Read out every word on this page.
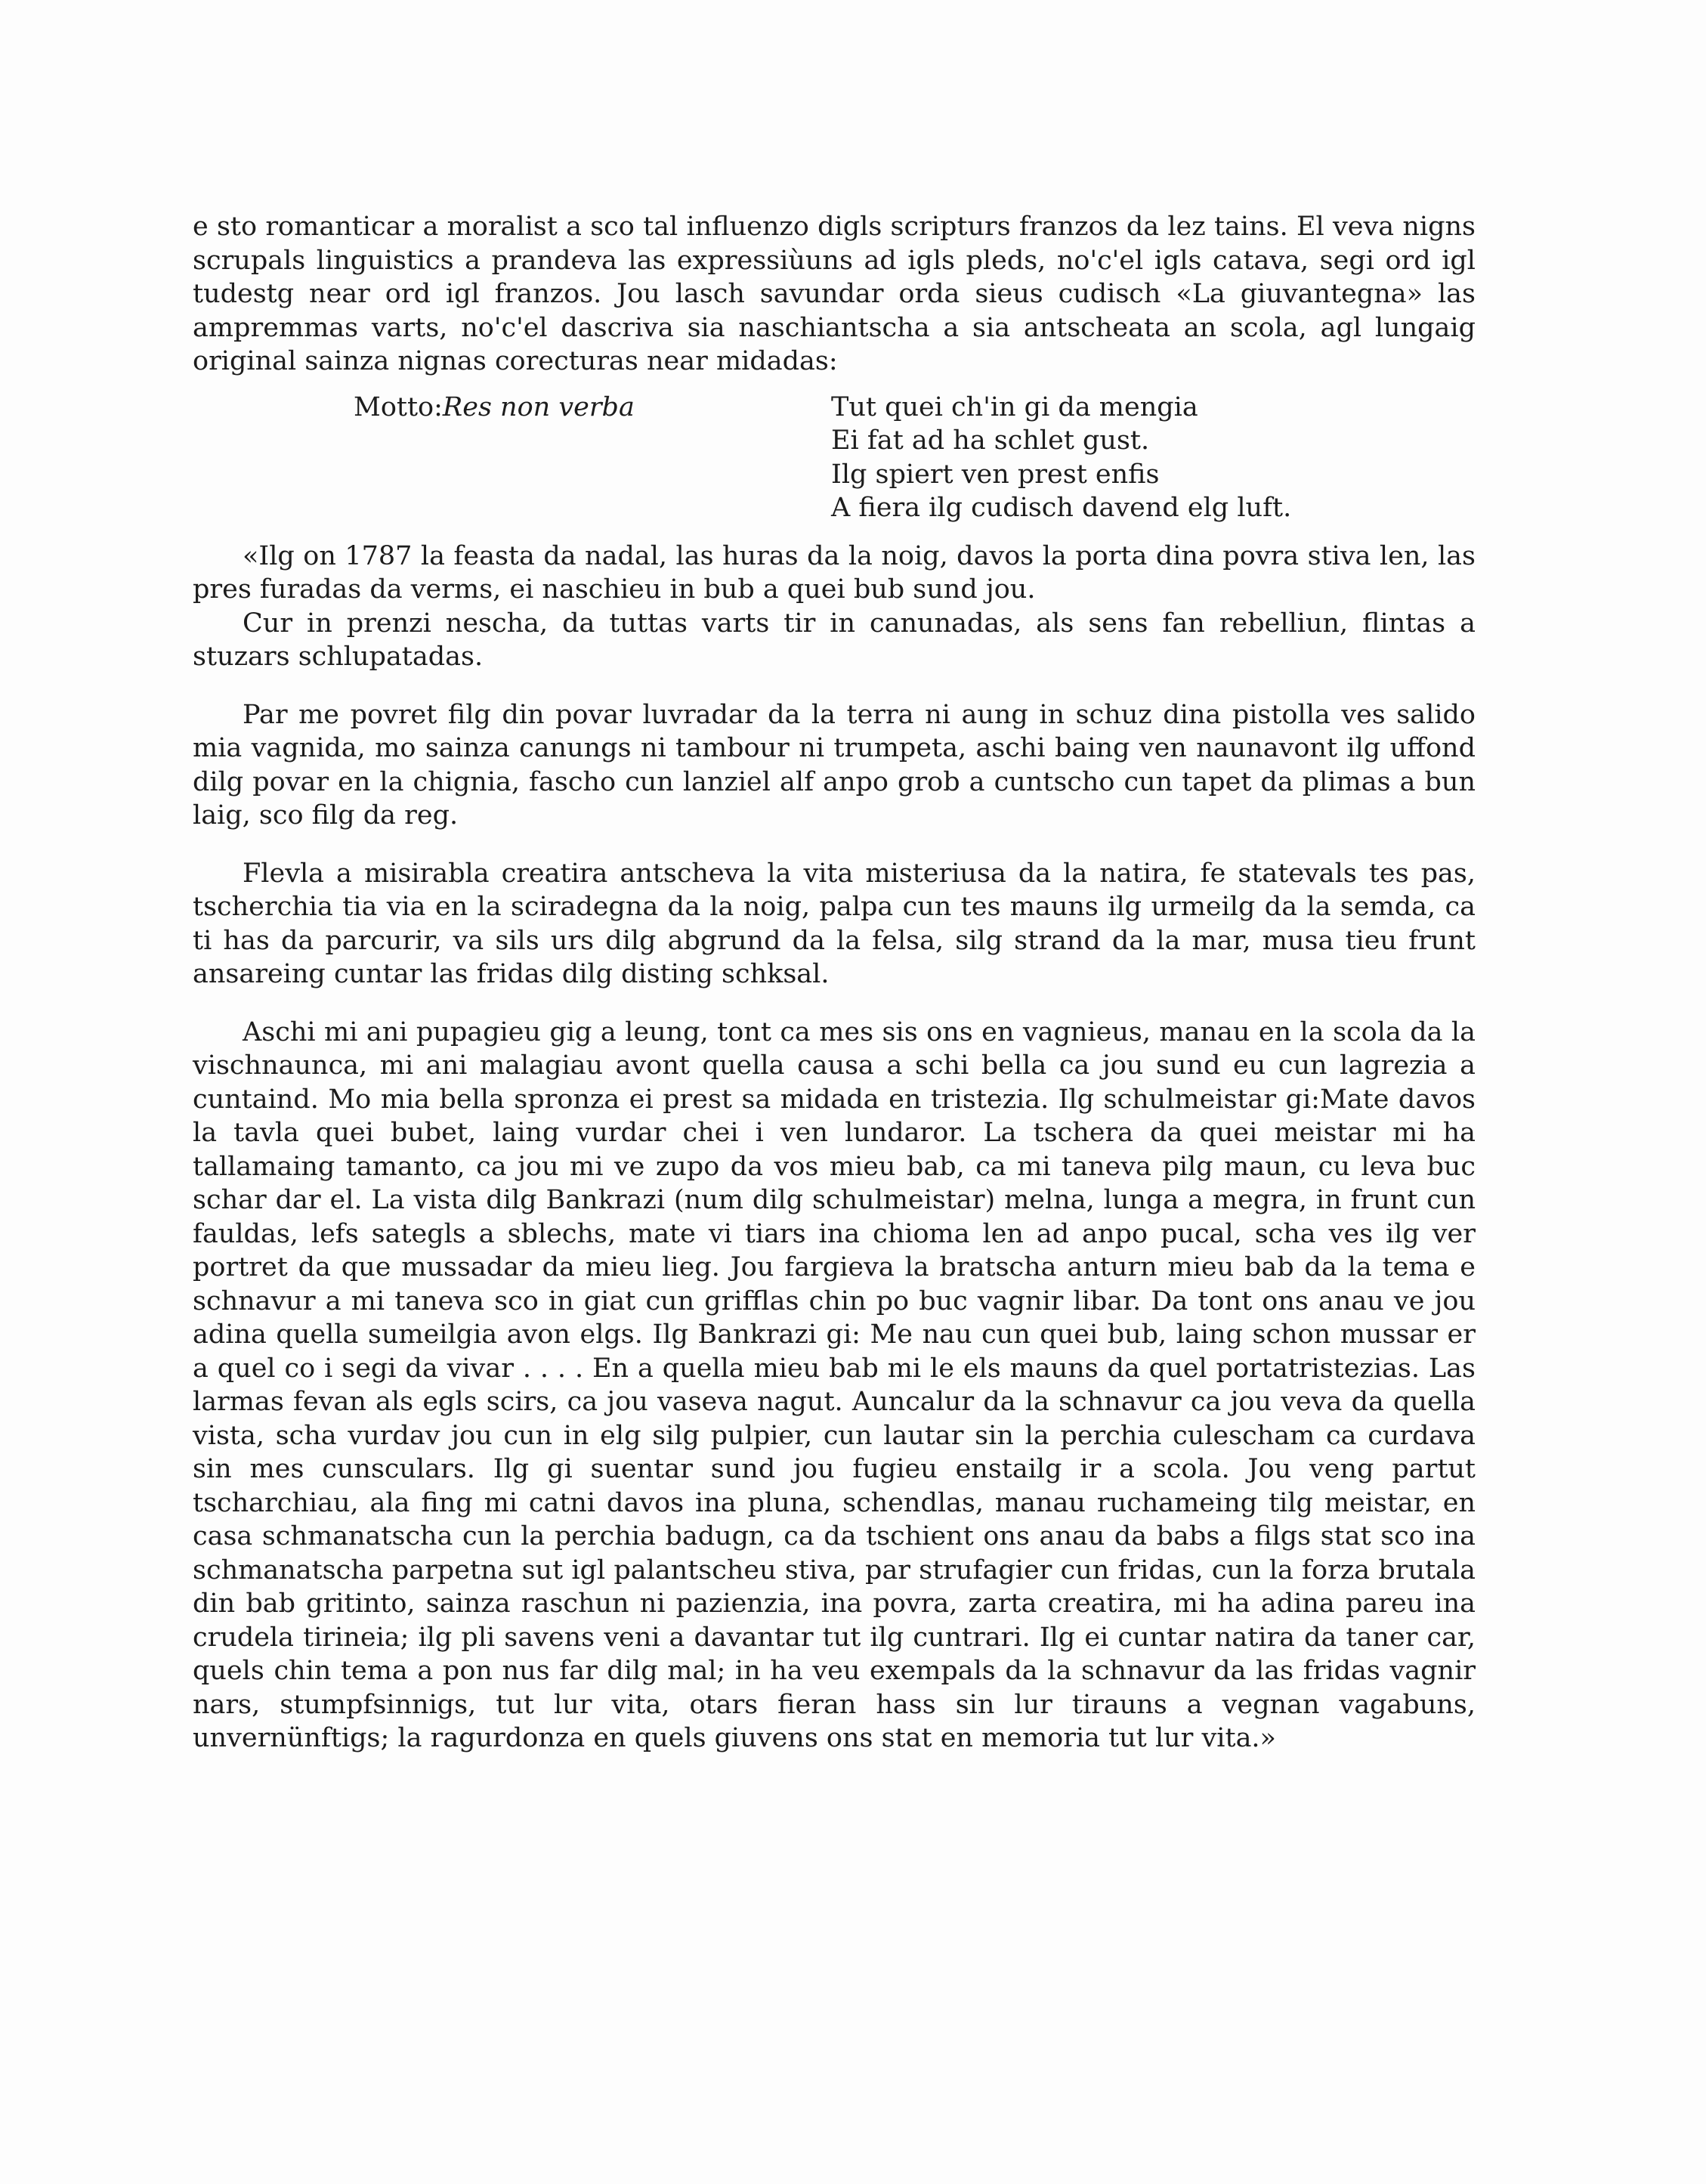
e sto romanticar a moralist a sco tal influenzo digls scripturs franzos da lez tains. El veva nigns scrupals linguistics a prandeva las expressiùuns ad igls pleds, no'c'el igls catava, segi ord igl tudestg near ord igl franzos. Jou lasch savundar orda sieus cudisch «La giuvantegna» las ampremmas varts, no'c'el dascriva sia naschiantscha a sia antscheata an scola, agl lungaig original sainza nignas corecturas near midadas:

Motto:Res non verba	Tut quei ch'in gi da mengia
Ei fat ad ha schlet gust.
Ilg spiert ven prest enfis
A fiera ilg cudisch davend elg luft.

«Ilg on 1787 la feasta da nadal, las huras da la noig, davos la porta dina povra stiva len, las pres furadas da verms, ei naschieu in bub a quei bub sund jou.

Cur in prenzi nescha, da tuttas varts tir in canunadas, als sens fan rebelliun, flintas a stuzars schlupatadas.

Par me povret filg din povar luvradar da la terra ni aung in schuz dina pistolla ves salido mia vagnida, mo sainza canungs ni tambour ni trumpeta, aschi baing ven naunavont ilg uffond dilg povar en la chignia, fascho cun lanziel alf anpo grob a cuntscho cun tapet da plimas a bun laig, sco filg da reg.

Flevla a misirabla creatira antscheva la vita misteriusa da la natira, fe statevals tes pas, tscherchia tia via en la sciradegna da la noig, palpa cun tes mauns ilg urmeilg da la semda, ca ti has da parcurir, va sils urs dilg abgrund da la felsa, silg strand da la mar, musa tieu frunt ansareing cuntar las fridas dilg disting schksal.

Aschi mi ani pupagieu gig a leung, tont ca mes sis ons en vagnieus, manau en la scola da la vischnaunca, mi ani malagiau avont quella causa a schi bella ca jou sund eu cun lagrezia a cuntaind. Mo mia bella spronza ei prest sa midada en tristezia. Ilg schulmeistar gi:Mate davos la tavla quei bubet, laing vurdar chei i ven lundaror. La tschera da quei meistar mi ha tallamaing tamanto, ca jou mi ve zupo da vos mieu bab, ca mi taneva pilg maun, cu leva buc schar dar el. La vista dilg Bankrazi (num dilg schulmeistar) melna, lunga a megra, in frunt cun fauldas, lefs sategls a sblechs, mate vi tiars ina chioma len ad anpo pucal, scha ves ilg ver portret da que mussadar da mieu lieg. Jou fargieva la bratscha anturn mieu bab da la tema e schnavur a mi taneva sco in giat cun grifflas chin po buc vagnir libar. Da tont ons anau ve jou adina quella sumeilgia avon elgs. Ilg Bankrazi gi: Me nau cun quei bub, laing schon mussar er a quel co i segi da vivar . . . . En a quella mieu bab mi le els mauns da quel portatristezias. Las larmas fevan als egls scirs, ca jou vaseva nagut. Auncalur da la schnavur ca jou veva da quella vista, scha vurdav jou cun in elg silg pulpier, cun lautar sin la perchia culescham ca curdava sin mes cunsculars. Ilg gi suentar sund jou fugieu enstailg ir a scola. Jou veng partut tscharchiau, ala fing mi catni davos ina pluna, schendlas, manau ruchameing tilg meistar, en casa schmanatscha cun la perchia badugn, ca da tschient ons anau da babs a filgs stat sco ina schmanatscha parpetna sut igl palantscheu stiva, par strufagier cun fridas, cun la forza brutala din bab gritinto, sainza raschun ni pazienzia, ina povra, zarta creatira, mi ha adina pareu ina crudela tirineia; ilg pli savens veni a davantar tut ilg cuntrari. Ilg ei cuntar natira da taner car, quels chin tema a pon nus far dilg mal; in ha veu exempals da la schnavur da las fridas vagnir nars, stumpfsinnigs, tut lur vita, otars fieran hass sin lur tirauns a vegnan vagabuns, unvernünftigs; la ragurdonza en quels giuvens ons stat en memoria tut lur vita.»
